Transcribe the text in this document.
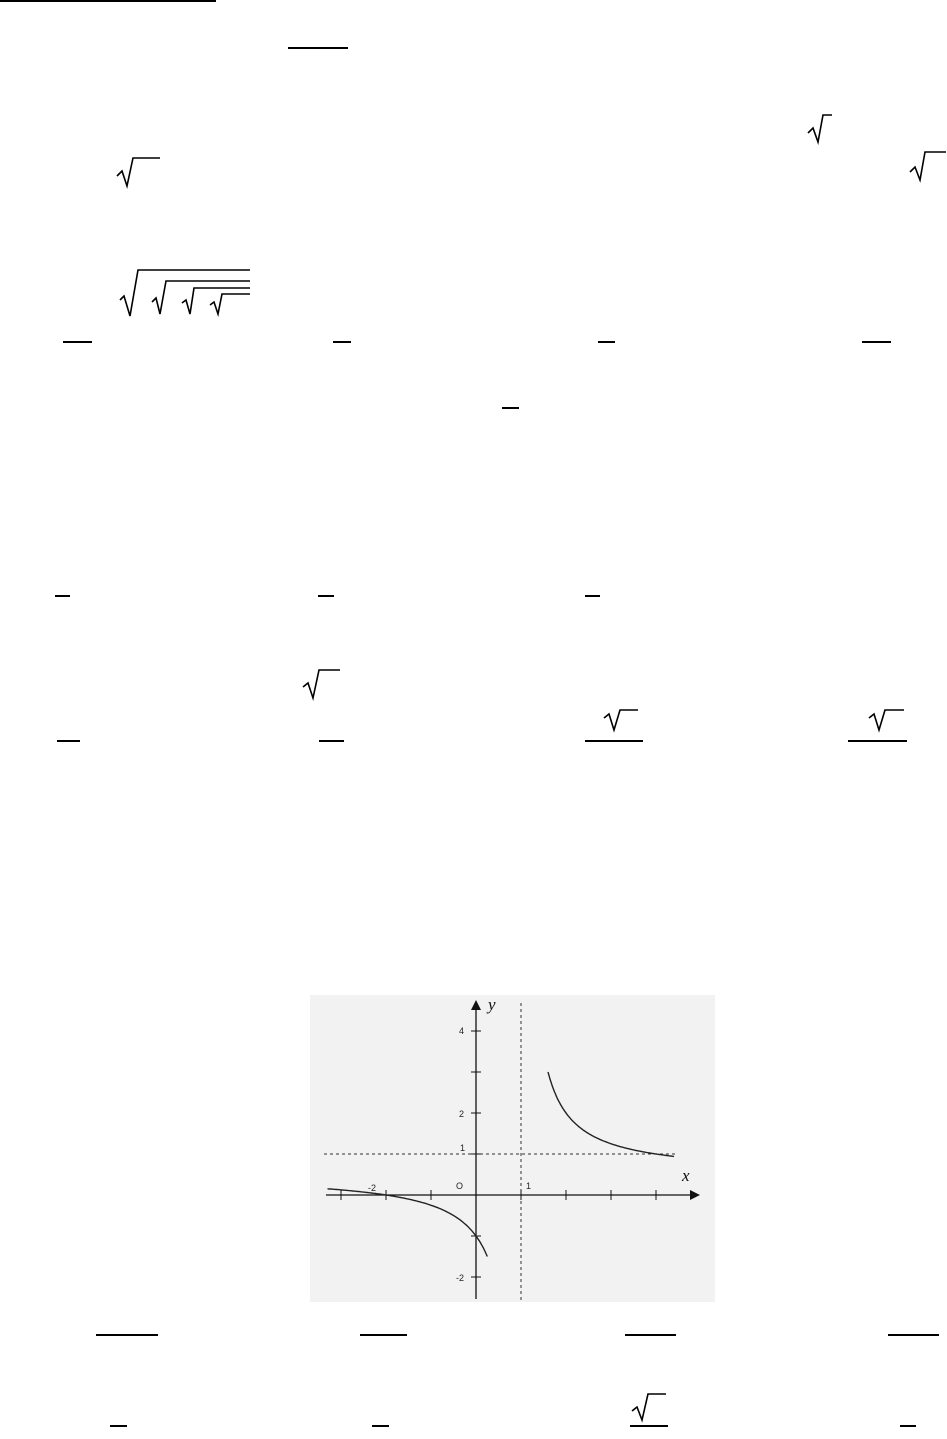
y
x
O
-2	1
4
2
1
-2
